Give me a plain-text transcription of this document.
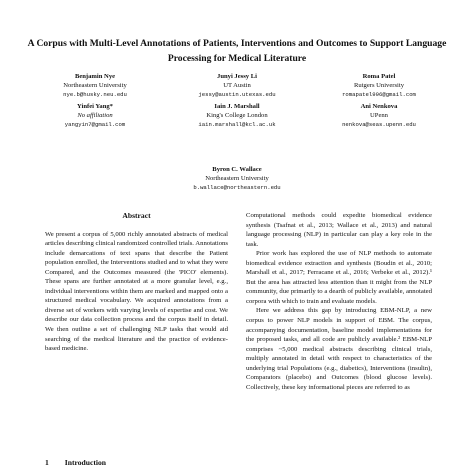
A Corpus with Multi-Level Annotations of Patients, Interventions and Outcomes to Support Language Processing for Medical Literature
Benjamin Nye
Northeastern University
nye.b@husky.neu.edu
Junyi Jessy Li
UT Austin
jessy@austin.utexas.edu
Roma Patel
Rutgers University
romapatel996@gmail.com
Yinfei Yang*
No affiliation
yangyin7@gmail.com
Iain J. Marshall
King's College London
iain.marshall@kcl.ac.uk
Ani Nenkova
UPenn
nenkova@seas.upenn.edu
Byron C. Wallace
Northeastern University
b.wallace@northeastern.edu
Abstract

We present a corpus of 5,000 richly annotated abstracts of medical articles describing clinical randomized controlled trials. Annotations include demarcations of text spans that describe the Patient population enrolled, the Interventions studied and to what they were Compared, and the Outcomes measured (the 'PICO' elements). These spans are further annotated at a more granular level, e.g., individual interventions within them are marked and mapped onto a structured medical vocabulary. We acquired annotations from a diverse set of workers with varying levels of expertise and cost. We describe our data collection process and the corpus itself in detail. We then outline a set of challenging NLP tasks that would aid searching of the medical literature and the practice of evidence-based medicine.

1 Introduction

Computational methods could expedite biomedical evidence synthesis (Tsafnat et al., 2013; Wallace et al., 2013) and natural language processing (NLP) in particular can play a key role in the task.

Prior work has explored the use of NLP methods to automate biomedical evidence extraction and synthesis (Boudin et al., 2010; Marshall et al., 2017; Ferracane et al., 2016; Verbeke et al., 2012).¹ But the area has attracted less attention than it might from the NLP community, due primarily to a dearth of publicly available, annotated corpora with which to train and evaluate models.

Here we address this gap by introducing EBM-NLP, a new corpus to power NLP models in support of EBM. The corpus, accompanying documentation, baseline model implementations for the proposed tasks, and all code are publicly available.² EBM-NLP comprises ~5,000 medical abstracts describing clinical trials, multiply annotated in detail with respect to characteristics of the underlying trial Populations (e.g., diabetics), Interventions (insulin), Comparators (placebo) and Outcomes (blood glucose levels). Collectively, these key informational pieces are referred to as
